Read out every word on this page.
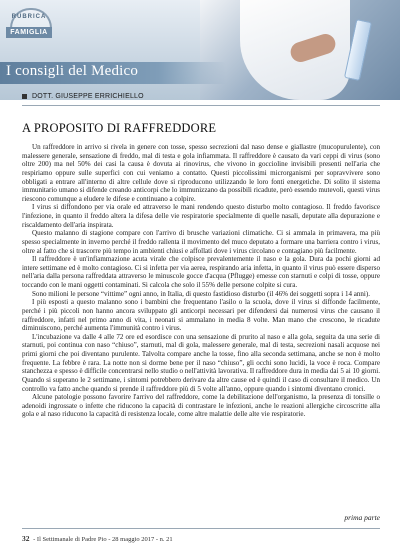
RUBRICA
FAMIGLIA
I consigli del Medico
DOTT. GIUSEPPE ERRICHIELLO
A PROPOSITO DI RAFFREDDORE

Un raffreddore in arrivo si rivela in genere con tosse, spesso secrezioni dal naso dense e giallastre (mucopurulente), con malessere generale, sensazione di freddo, mal di testa e gola infiammata. Il raffreddore è causato da vari ceppi di virus (sono oltre 200) ma nel 50% dei casi la causa è dovuta ai rinovirus, che vivono in goccioline invisibili presenti nell'aria che respiriamo oppure sulle superfici con cui veniamo a contatto. Questi piccolissimi microrganismi per sopravvivere sono obbligati a entrare all'interno di altre cellule dove si riproducono utilizzando le loro fonti energetiche. Di solito il sistema immunitario umano si difende creando anticorpi che lo immunizzano da possibili ricadute, però essendo mutevoli, questi virus riescono comunque a eludere le difese e continuano a colpire.

I virus si diffondono per via orale ed attraverso le mani rendendo questo disturbo molto contagioso. Il freddo favorisce l'infezione, in quanto il freddo altera la difesa delle vie respiratorie specialmente di quelle nasali, deputate alla depurazione e riscaldamento dell'aria inspirata.

Questo malanno di stagione compare con l'arrivo di brusche variazioni climatiche. Ci si ammala in primavera, ma più spesso specialmente in inverno perché il freddo rallenta il movimento del muco deputato a formare una barriera contro i virus, oltre al fatto che si trascorre più tempo in ambienti chiusi e affollati dove i virus circolano e contagiano più facilmente.

Il raffreddore è un'infiammazione acuta virale che colpisce prevalentemente il naso e la gola. Dura da pochi giorni ad intere settimane ed è molto contagioso. Ci si infetta per via aerea, respirando aria infetta, in quanto il virus può essere disperso nell'aria dalla persona raffreddata attraverso le minuscole gocce d'acqua (Pflugge) emesse con starnuti e colpi di tosse, oppure toccando con le mani oggetti contaminati. Si calcola che solo il 55% delle persone colpite si cura.

Sono milioni le persone “vittime” ogni anno, in Italia, di questo fastidioso disturbo (il 46% dei soggetti sopra i 14 anni).

I più esposti a questo malanno sono i bambini che frequentano l'asilo o la scuola, dove il virus si diffonde facilmente, perché i più piccoli non hanno ancora sviluppato gli anticorpi necessari per difendersi dai numerosi virus che causano il raffreddore, infatti nel primo anno di vita, i neonati si ammalano in media 8 volte. Man mano che crescono, le ricadute diminuiscono, perché aumenta l'immunità contro i virus.

L'incubazione va dalle 4 alle 72 ore ed esordisce con una sensazione di prurito al naso e alla gola, seguita da una serie di starnuti, poi continua con naso “chiuso”, starnuti, mal di gola, malessere generale, mal di testa, secrezioni nasali acquose nei primi giorni che poi diventano purulente. Talvolta compare anche la tosse, fino alla seconda settimana, anche se non è molto frequente. La febbre è rara. La notte non si dorme bene per il naso “chiuso”, gli occhi sono lucidi, la voce è roca. Compare stanchezza e spesso è difficile concentrarsi nello studio o nell'attività lavorativa. Il raffreddore dura in media dai 5 ai 10 giorni. Quando si superano le 2 settimane, i sintomi potrebbero derivare da altre cause ed è quindi il caso di consultare il medico. Un controllo va fatto anche quando si prende il raffreddore più di 5 volte all'anno, oppure quando i sintomi diventano cronici.

Alcune patologie possono favorire l'arrivo del raffreddore, come la debilitazione dell'organismo, la presenza di tonsille o adenoidi ingrossate o infette che riducono la capacità di contrastare le infezioni, anche le reazioni allergiche circoscritte alla gola e al naso riducono la capacità di resistenza locale, come altre malattie delle alte vie respiratorie.

prima parte
32 - Il Settimanale di Padre Pio - 28 maggio 2017 - n. 21
